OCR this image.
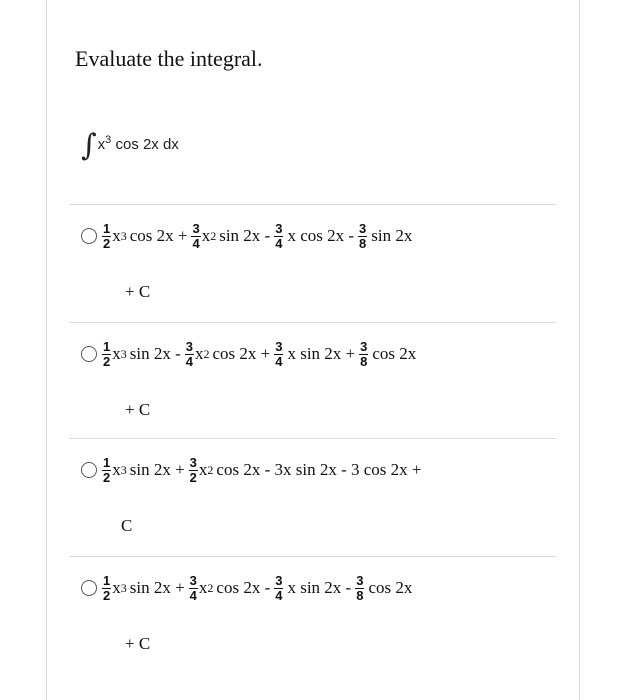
Evaluate the integral.
$\int x^3$ cos 2x dx
$\frac{1}{2}$ x 3 $\cos 2x + \frac{3}{4}$ x 2 $\sin 2x - \frac{3}{4}$ x $\cos 2x - \frac{3}{8}$ sin 2x
+ C
$\frac{1}{2}$ x 3 $\sin 2x - \frac{3}{4}$ x 2 $\cos 2x + \frac{3}{4}$ x $\sin 2x + \frac{3}{8}$ cos 2x
+ C
$\frac{1}{2}$ x 3 $\sin 2x + \frac{3}{2}$ x 2 cos 2x - 3x sin 2x - 3 cos 2x +
C
$\frac{1}{2}$ x 3 $\sin 2x + \frac{3}{4}$ x 2 $\cos 2x - \frac{3}{4}$ x $\sin 2x - \frac{3}{8}$ cos 2x
+ C
